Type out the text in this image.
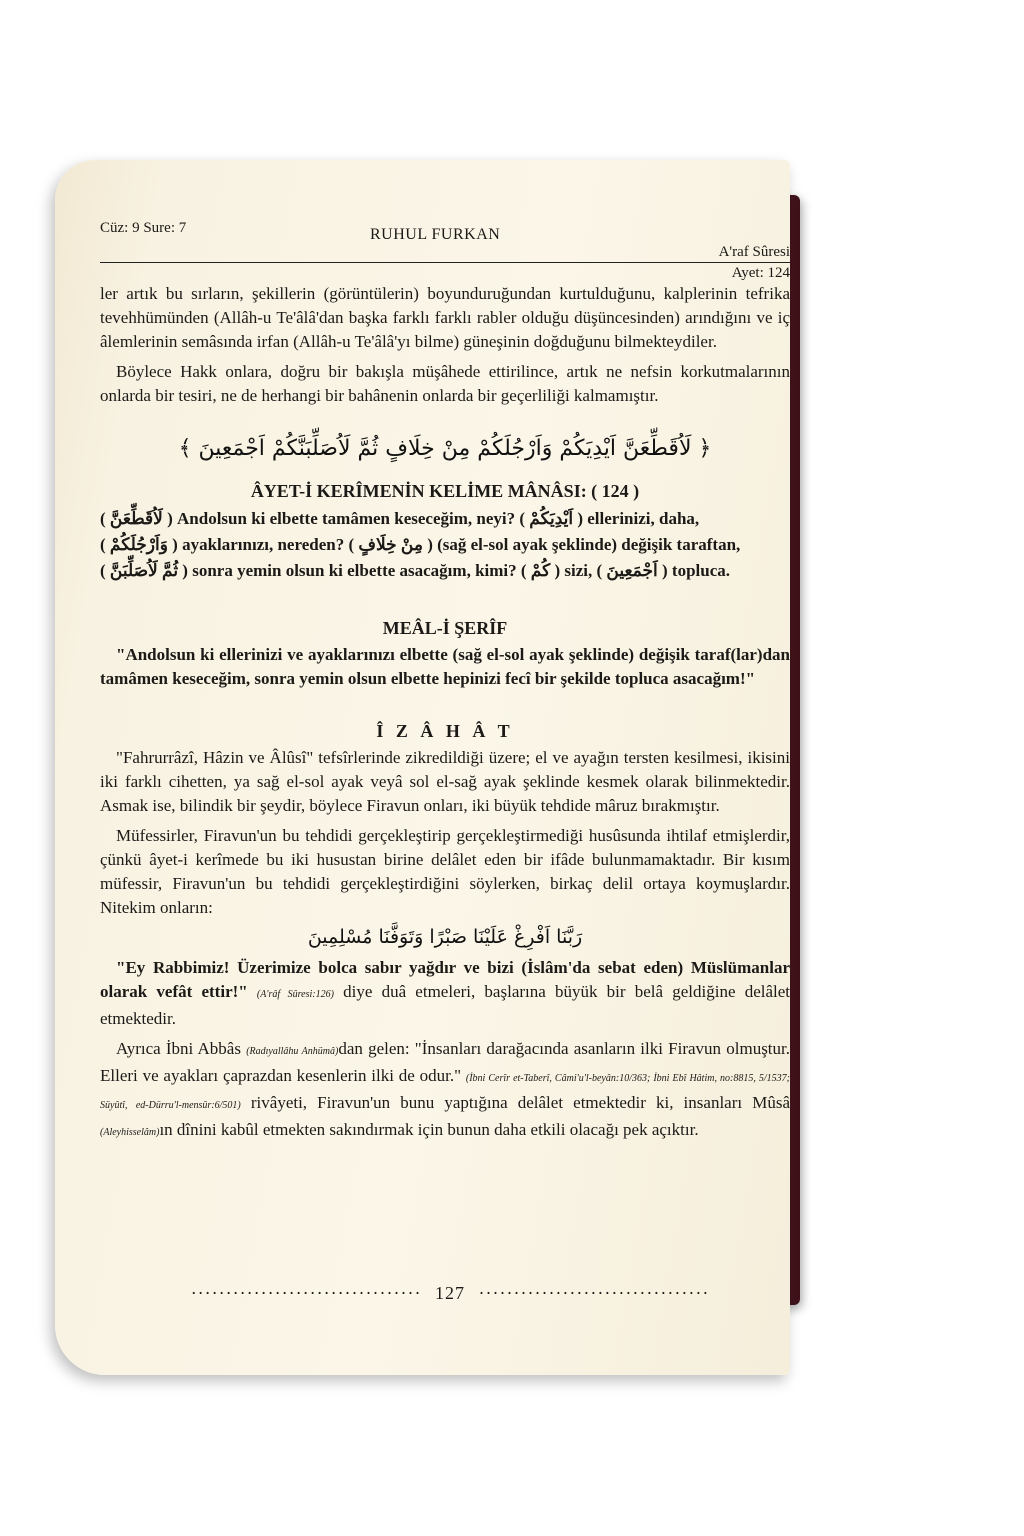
Cüz: 9 Sure: 7	RUHUL FURKAN
A'raf Sûresi
Ayet: 124

ler artık bu sırların, şekillerin (görüntülerin) boyunduruğundan kurtulduğunu, kalplerinin tefrika tevehhümünden (Allâh-u Te'âlâ'dan başka farklı farklı rabler olduğu düşüncesinden) arındığını ve iç âlemlerinin semâsında irfan (Allâh-u Te'âlâ'yı bilme) güneşinin doğduğunu bilmekteydiler.

Böylece Hakk onlara, doğru bir bakışla müşâhede ettirilince, artık ne nefsin korkutmalarının onlarda bir tesiri, ne de herhangi bir bahânenin onlarda bir geçerliliği kalmamıştır.

﴿ لَاُقَطِّعَنَّ اَيْدِيَكُمْ وَاَرْجُلَكُمْ مِنْ خِلَافٍ ثُمَّ لَاُصَلِّبَنَّكُمْ اَجْمَعِينَ ﴾
ÂYET-İ KERÎMENİN KELİME MÂNÂSI: ( 124 )
( لَاُقَطِّعَنَّ ) Andolsun ki elbette tamâmen keseceğim, neyi? ( اَيْدِيَكُمْ ) ellerinizi, daha,
( وَاَرْجُلَكُمْ ) ayaklarınızı, nereden? ( مِنْ خِلَافٍ ) (sağ el-sol ayak şeklinde) değişik taraftan,
( ثُمَّ لَاُصَلِّبَنَّ ) sonra yemin olsun ki elbette asacağım, kimi? ( كُمْ ) sizi, ( اَجْمَعِينَ ) topluca.
MEÂL-İ ŞERÎF

"Andolsun ki ellerinizi ve ayaklarınızı elbette (sağ el-sol ayak şeklinde) değişik taraf(lar)dan tamâmen keseceğim, sonra yemin olsun elbette hepinizi fecî bir şekilde topluca asacağım!"

Î Z Â H Â T

"Fahrurrâzî, Hâzin ve Âlûsî" tefsîrlerinde zikredildiği üzere; el ve ayağın tersten kesilmesi, ikisini iki farklı cihetten, ya sağ el-sol ayak veyâ sol el-sağ ayak şeklinde kesmek olarak bilinmektedir. Asmak ise, bilindik bir şeydir, böylece Firavun onları, iki büyük tehdide mâruz bırakmıştır.

Müfessirler, Firavun'un bu tehdidi gerçekleştirip gerçekleştirmediği husûsunda ihtilaf etmişlerdir, çünkü âyet-i kerîmede bu iki husustan birine delâlet eden bir ifâde bulunmamaktadır. Bir kısım müfessir, Firavun'un bu tehdidi gerçekleştirdiğini söylerken, birkaç delil ortaya koymuşlardır. Nitekim onların:

رَبَّنَا اَفْرِغْ عَلَيْنَا صَبْرًا وَتَوَفَّنَا مُسْلِمِينَ

"Ey Rabbimiz! Üzerimize bolca sabır yağdır ve bizi (İslâm'da sebat eden) Müslümanlar olarak vefât ettir!" (A'râf Sûresi:126) diye duâ etmeleri, başlarına büyük bir belâ geldiğine delâlet etmektedir.

Ayrıca İbni Abbâs (Radıyallâhu Anhümâ)dan gelen: "İnsanları darağacında asanların ilki Firavun olmuştur. Elleri ve ayakları çaprazdan kesenlerin ilki de odur." (İbni Cerîr et-Taberî, Câmi'u'l-beyân:10/363; İbni Ebî Hâtim, no:8815, 5/1537; Süyûtî, ed-Dürru'l-mensûr:6/501) rivâyeti, Firavun'un bunu yaptığına delâlet etmektedir ki, insanları Mûsâ (Aleyhisselâm)ın dînini kabûl etmekten sakındırmak için bunun daha etkili olacağı pek açıktır.

································· 127 ·································
